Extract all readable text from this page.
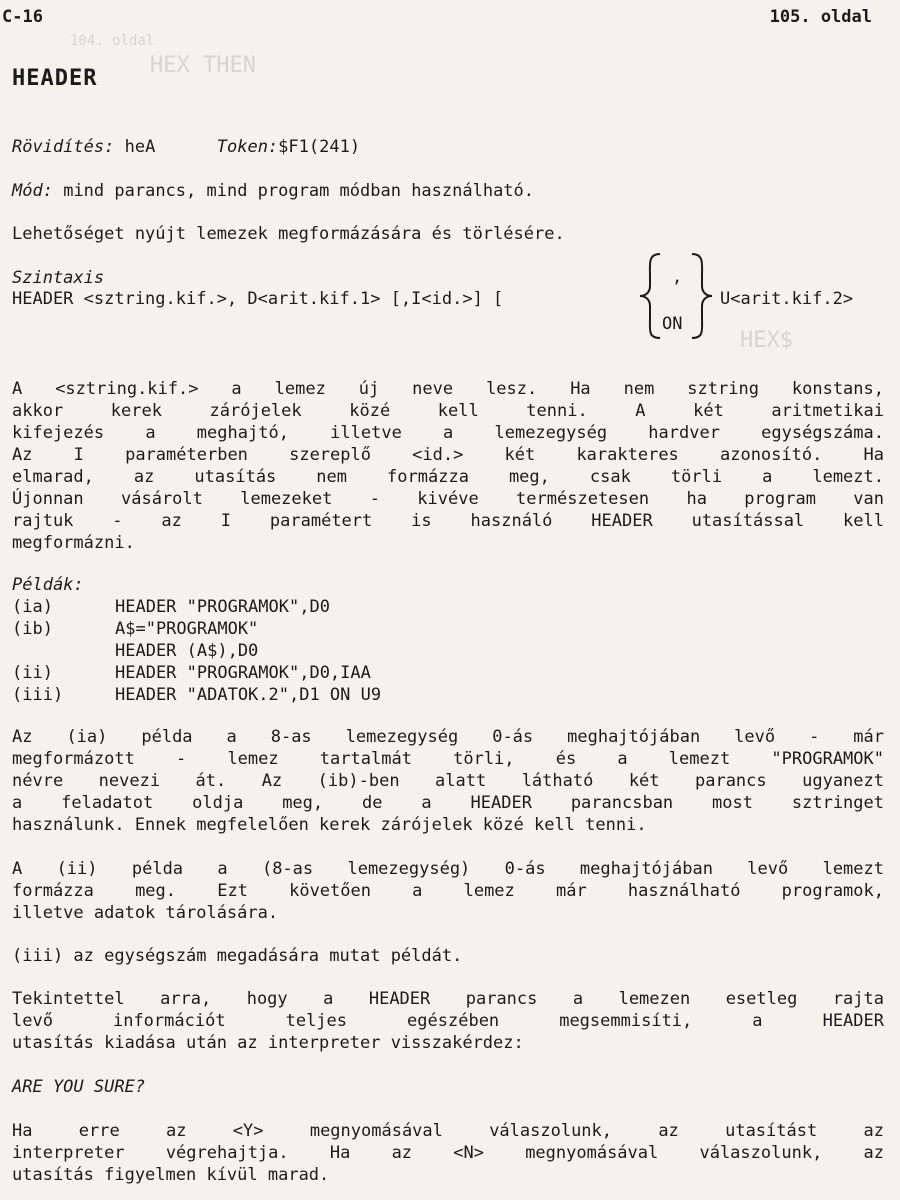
104. oldal
HEX THEN
HEX$
C-16	105. oldal
HEADER
Rövidítés: heA	Token:$F1(241)
Mód: mind parancs, mind program módban használható.
Lehetőséget nyújt lemezek megformázására és törlésére.
Szintaxis
HEADER <sztring.kif.>, D<arit.kif.1> [,I<id.>] [
,
ON
U<arit.kif.2>
A <sztring.kif.> a lemez új neve lesz. Ha nem sztring konstans,
akkor kerek zárójelek közé kell tenni. A két aritmetikai
kifejezés a meghajtó, illetve a lemezegység hardver egységszáma.
Az I paraméterben szereplő <id.> két karakteres azonosító. Ha
elmarad, az utasítás nem formázza meg, csak törli a lemezt.
Újonnan vásárolt lemezeket - kivéve természetesen ha program van
rajtuk - az I paramétert is használó HEADER utasítással kell
megformázni.
Példák:
(ia)	HEADER "PROGRAMOK",D0
(ib)	A$="PROGRAMOK"
HEADER (A$),D0
(ii)	HEADER "PROGRAMOK",D0,IAA
(iii)	HEADER "ADATOK.2",D1 ON U9
Az (ia) példa a 8-as lemezegység 0-ás meghajtójában levő - már
megformázott - lemez tartalmát törli, és a lemezt "PROGRAMOK"
névre nevezi át. Az (ib)-ben alatt látható két parancs ugyanezt
a feladatot oldja meg, de a HEADER parancsban most sztringet
használunk. Ennek megfelelően kerek zárójelek közé kell tenni.
A (ii) példa a (8-as lemezegység) 0-ás meghajtójában levő lemezt
formázza meg. Ezt követően a lemez már használható programok,
illetve adatok tárolására.
(iii) az egységszám megadására mutat példát.
Tekintettel arra, hogy a HEADER parancs a lemezen esetleg rajta
levő információt teljes egészében megsemmisíti, a HEADER
utasítás kiadása után az interpreter visszakérdez:
ARE YOU SURE?
Ha erre az <Y> megnyomásával válaszolunk, az utasítást az
interpreter végrehajtja. Ha az <N> megnyomásával válaszolunk, az
utasítás figyelmen kívül marad.
